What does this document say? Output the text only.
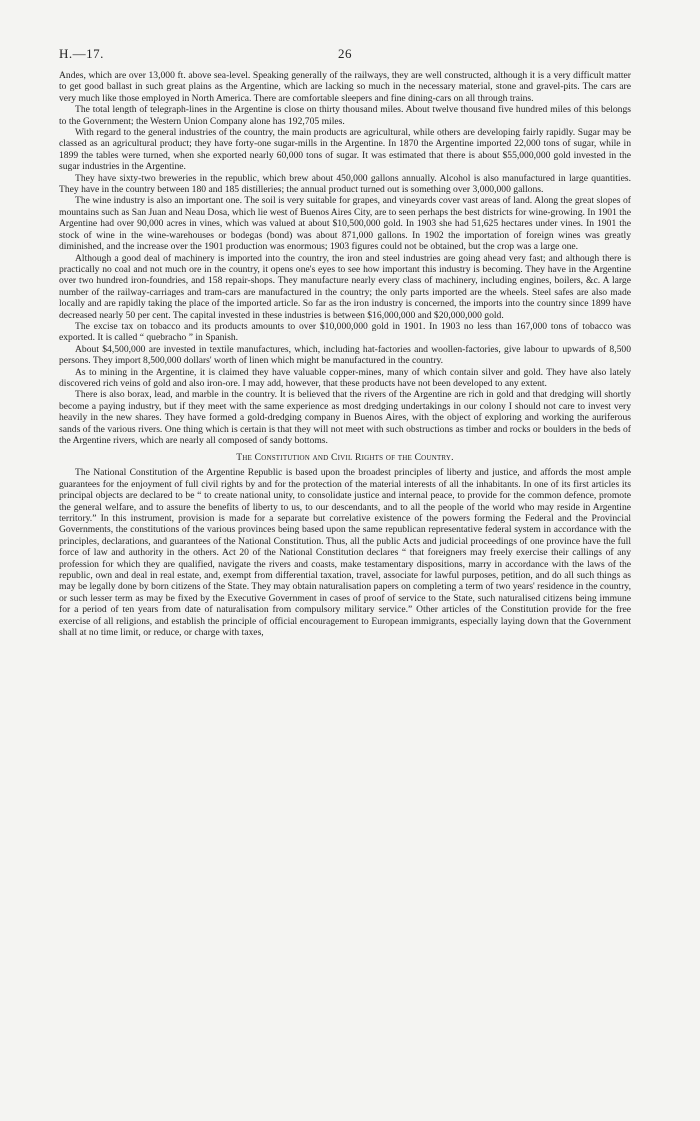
H.—17.	26

Andes, which are over 13,000 ft. above sea-level. Speaking generally of the railways, they are well constructed, although it is a very difficult matter to get good ballast in such great plains as the Argentine, which are lacking so much in the necessary material, stone and gravel-pits. The cars are very much like those employed in North America. There are comfortable sleepers and fine dining-cars on all through trains.

The total length of telegraph-lines in the Argentine is close on thirty thousand miles. About twelve thousand five hundred miles of this belongs to the Government; the Western Union Company alone has 192,705 miles.

With regard to the general industries of the country, the main products are agricultural, while others are developing fairly rapidly. Sugar may be classed as an agricultural product; they have forty-one sugar-mills in the Argentine. In 1870 the Argentine imported 22,000 tons of sugar, while in 1899 the tables were turned, when she exported nearly 60,000 tons of sugar. It was estimated that there is about $55,000,000 gold invested in the sugar industries in the Argentine.

They have sixty-two breweries in the republic, which brew about 450,000 gallons annually. Alcohol is also manufactured in large quantities. They have in the country between 180 and 185 distilleries; the annual product turned out is something over 3,000,000 gallons.

The wine industry is also an important one. The soil is very suitable for grapes, and vineyards cover vast areas of land. Along the great slopes of mountains such as San Juan and Neau Dosa, which lie west of Buenos Aires City, are to seen perhaps the best districts for wine-growing. In 1901 the Argentine had over 90,000 acres in vines, which was valued at about $10,500,000 gold. In 1903 she had 51,625 hectares under vines. In 1901 the stock of wine in the wine-warehouses or bodegas (bond) was about 871,000 gallons. In 1902 the importation of foreign wines was greatly diminished, and the increase over the 1901 production was enormous; 1903 figures could not be obtained, but the crop was a large one.

Although a good deal of machinery is imported into the country, the iron and steel industries are going ahead very fast; and although there is practically no coal and not much ore in the country, it opens one's eyes to see how important this industry is becoming. They have in the Argentine over two hundred iron-foundries, and 158 repair-shops. They manufacture nearly every class of machinery, including engines, boilers, &c. A large number of the railway-carriages and tram-cars are manufactured in the country; the only parts imported are the wheels. Steel safes are also made locally and are rapidly taking the place of the imported article. So far as the iron industry is concerned, the imports into the country since 1899 have decreased nearly 50 per cent. The capital invested in these industries is between $16,000,000 and $20,000,000 gold.

The excise tax on tobacco and its products amounts to over $10,000,000 gold in 1901. In 1903 no less than 167,000 tons of tobacco was exported. It is called “ quebracho ” in Spanish.

About $4,500,000 are invested in textile manufactures, which, including hat-factories and woollen-factories, give labour to upwards of 8,500 persons. They import 8,500,000 dollars' worth of linen which might be manufactured in the country.

As to mining in the Argentine, it is claimed they have valuable copper-mines, many of which contain silver and gold. They have also lately discovered rich veins of gold and also iron-ore. I may add, however, that these products have not been developed to any extent.

There is also borax, lead, and marble in the country. It is believed that the rivers of the Argentine are rich in gold and that dredging will shortly become a paying industry, but if they meet with the same experience as most dredging undertakings in our colony I should not care to invest very heavily in the new shares. They have formed a gold-dredging company in Buenos Aires, with the object of exploring and working the auriferous sands of the various rivers. One thing which is certain is that they will not meet with such obstructions as timber and rocks or boulders in the beds of the Argentine rivers, which are nearly all composed of sandy bottoms.

The Constitution and Civil Rights of the Country.

The National Constitution of the Argentine Republic is based upon the broadest principles of liberty and justice, and affords the most ample guarantees for the enjoyment of full civil rights by and for the protection of the material interests of all the inhabitants. In one of its first articles its principal objects are declared to be “ to create national unity, to consolidate justice and internal peace, to provide for the common defence, promote the general welfare, and to assure the benefits of liberty to us, to our descendants, and to all the people of the world who may reside in Argentine territory.” In this instrument, provision is made for a separate but correlative existence of the powers forming the Federal and the Provincial Governments, the constitutions of the various provinces being based upon the same republican representative federal system in accordance with the principles, declarations, and guarantees of the National Constitution. Thus, all the public Acts and judicial proceedings of one province have the full force of law and authority in the others. Act 20 of the National Constitution declares “ that foreigners may freely exercise their callings of any profession for which they are qualified, navigate the rivers and coasts, make testamentary dispositions, marry in accordance with the laws of the republic, own and deal in real estate, and, exempt from differential taxation, travel, associate for lawful purposes, petition, and do all such things as may be legally done by born citizens of the State. They may obtain naturalisation papers on completing a term of two years' residence in the country, or such lesser term as may be fixed by the Executive Government in cases of proof of service to the State, such naturalised citizens being immune for a period of ten years from date of naturalisation from compulsory military service.” Other articles of the Constitution provide for the free exercise of all religions, and establish the principle of official encouragement to European immigrants, especially laying down that the Government shall at no time limit, or reduce, or charge with taxes,
